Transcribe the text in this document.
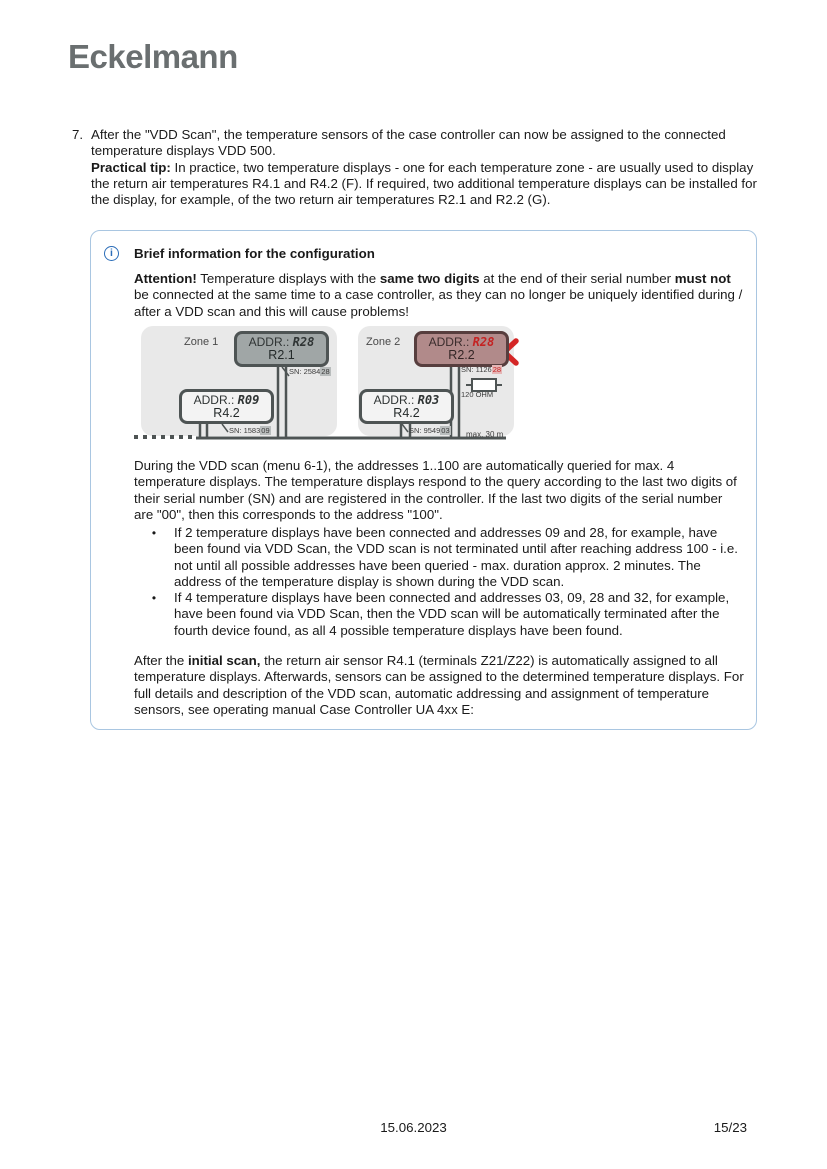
Eckelmann
7. After the "VDD Scan", the temperature sensors of the case controller can now be assigned to the connected temperature displays VDD 500.
Practical tip: In practice, two temperature displays - one for each temperature zone - are usually used to display the return air temperatures R4.1 and R4.2 (F). If required, two additional temperature displays can be installed for the display, for example, of the two return air temperatures R2.1 and R2.2 (G).
i	Brief information for the configuration
Attention! Temperature displays with the same two digits at the end of their serial number must not be connected at the same time to a case controller, as they can no longer be uniquely identified during / after a VDD scan and this will cause problems!
Zone 1	Zone 2
ADDR.: R28
R2.1
ADDR.: R28
R2.2
ADDR.: R09
R4.2
ADDR.: R03
R4.2
SN: 258428	SN: 112628
SN: 158309	SN: 954903
120 OHM
max. 30 m
During the VDD scan (menu 6-1), the addresses 1..100 are automatically queried for max. 4 temperature displays. The temperature displays respond to the query according to the last two digits of their serial number (SN) and are registered in the controller. If the last two digits of the serial number are "00", then this corresponds to the address "100".
•	If 2 temperature displays have been connected and addresses 09 and 28, for example, have been found via VDD Scan, the VDD scan is not terminated until after reaching address 100 - i.e. not until all possible addresses have been queried - max. duration approx. 2 minutes. The address of the temperature display is shown during the VDD scan.
•	If 4 temperature displays have been connected and addresses 03, 09, 28 and 32, for example, have been found via VDD Scan, then the VDD scan will be automatically terminated after the fourth device found, as all 4 possible temperature displays have been found.
After the initial scan, the return air sensor R4.1 (terminals Z21/Z22) is automatically assigned to all temperature displays. Afterwards, sensors can be assigned to the determined temperature displays. For full details and description of the VDD scan, automatic addressing and assignment of temperature sensors, see operating manual Case Controller UA 4xx E:
15.06.2023	15/23
